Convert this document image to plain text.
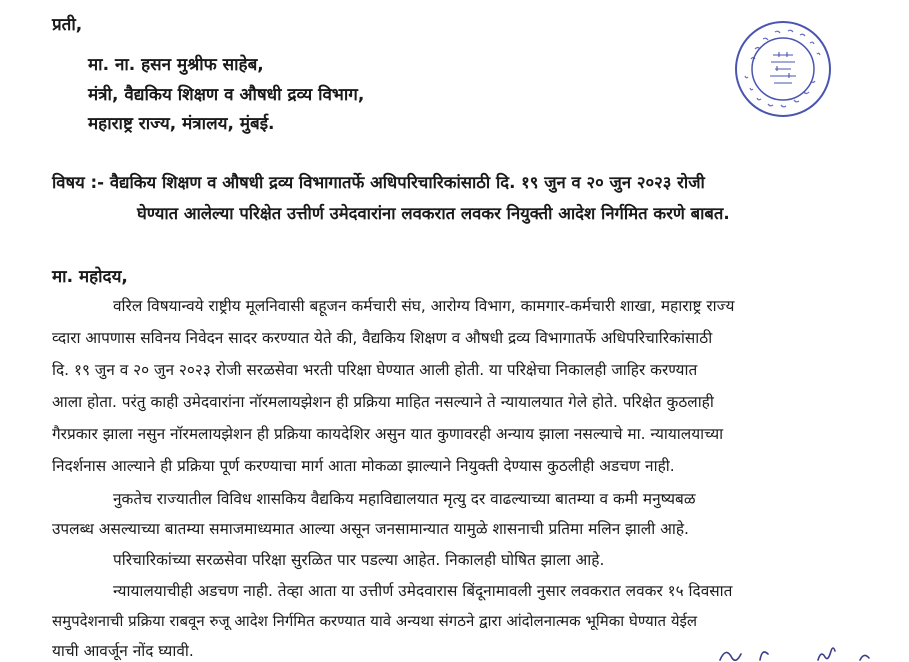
प्रती,
मा. ना. हसन मुश्रीफ साहेब,
मंत्री, वैद्यकिय शिक्षण व औषधी द्रव्य विभाग,
महाराष्ट्र राज्य, मंत्रालय, मुंबई.
विषय :- वैद्यकिय शिक्षण व औषधी द्रव्य विभागातर्फे अधिपरिचारिकांसाठी दि. १९ जुन व २० जुन २०२३ रोजी
घेण्यात आलेल्या परिक्षेत उत्तीर्ण उमेदवारांना लवकरात लवकर नियुक्ती आदेश निर्गमित करणे बाबत.
मा. महोदय,
वरिल विषयान्वये राष्ट्रीय मूलनिवासी बहूजन कर्मचारी संघ, आरोग्य विभाग, कामगार-कर्मचारी शाखा, महाराष्ट्र राज्य
व्दारा आपणास सविनय निवेदन सादर करण्यात येते की, वैद्यकिय शिक्षण व औषधी द्रव्य विभागातर्फे अधिपरिचारिकांसाठी
दि. १९ जुन व २० जुन २०२३ रोजी सरळसेवा भरती परिक्षा घेण्यात आली होती. या परिक्षेचा निकालही जाहिर करण्यात
आला होता. परंतु काही उमेदवारांना नॉरमलायझेशन ही प्रक्रिया माहित नसल्याने ते न्यायालयात गेले होते. परिक्षेत कुठलाही
गैरप्रकार झाला नसुन नॉरमलायझेशन ही प्रक्रिया कायदेशिर असुन यात कुणावरही अन्याय झाला नसल्याचे मा. न्यायालयाच्या
निदर्शनास आल्याने ही प्रक्रिया पूर्ण करण्याचा मार्ग आता मोकळा झाल्याने नियुक्ती देण्यास कुठलीही अडचण नाही.
नुकतेच राज्यातील विविध शासकिय वैद्यकिय महाविद्यालयात मृत्यु दर वाढल्याच्या बातम्या व कमी मनुष्यबळ
उपलब्ध असल्याच्या बातम्या समाजमाध्यमात आल्या असून जनसामान्यात यामुळे शासनाची प्रतिमा मलिन झाली आहे.
परिचारिकांच्या सरळसेवा परिक्षा सुरळित पार पडल्या आहेत. निकालही घोषित झाला आहे.
न्यायालयाचीही अडचण नाही. तेव्हा आता या उत्तीर्ण उमेदवारास बिंदूनामावली नुसार लवकरात लवकर १५ दिवसात
समुपदेशनाची प्रक्रिया राबवून रुजू आदेश निर्गमित करण्यात यावे अन्यथा संगठने द्वारा आंदोलनात्मक भूमिका घेण्यात येईल
याची आवर्जून नोंद घ्यावी.
